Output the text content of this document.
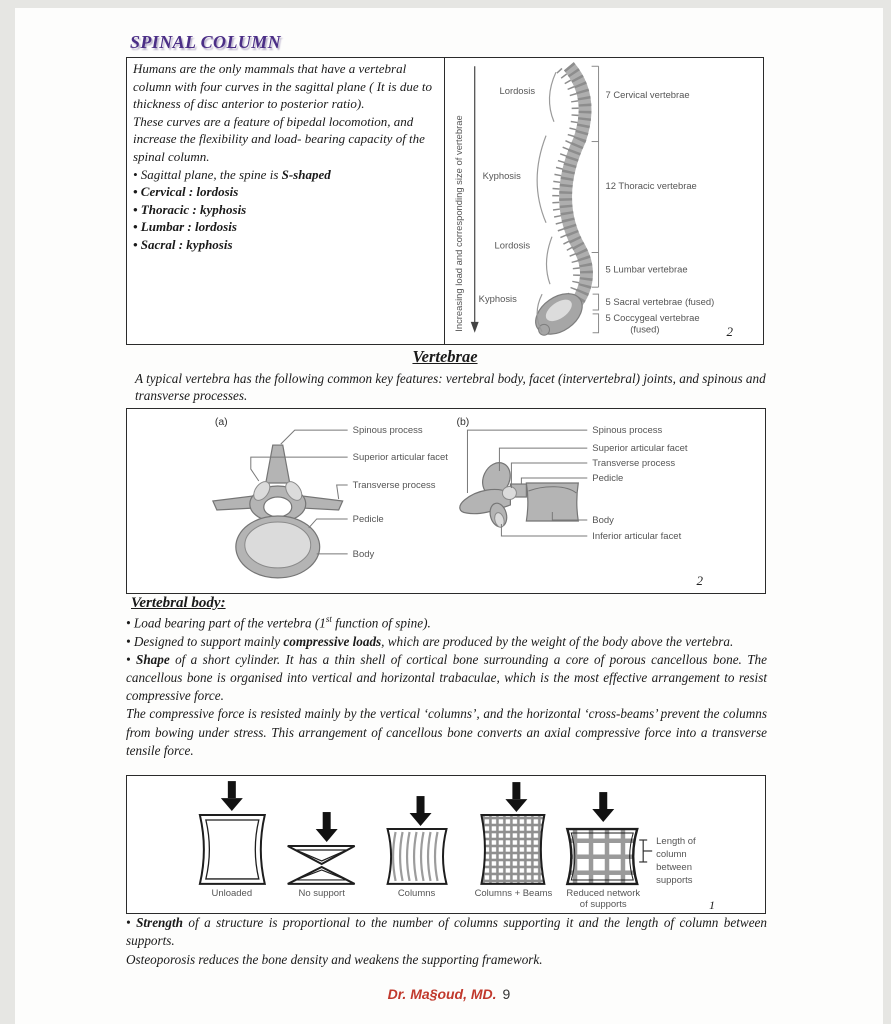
SPINAL COLUMN

Humans are the only mammals that have a vertebral column with four curves in the sagittal plane ( It is due to thickness of disc anterior to posterior ratio).

These curves are a feature of bipedal locomotion, and increase the flexibility and load- bearing capacity of the spinal column.

• Sagittal plane, the spine is S-shaped

• Cervical : lordosis
• Thoracic : kyphosis
• Lumbar : lordosis
• Sacral : kyphosis	Increasing load and corresponding size of vertebrae
Lordosis
Kyphosis
Lordosis
Kyphosis
7 Cervical vertebrae
12 Thoracic vertebrae
5 Lumbar vertebrae
5 Sacral vertebrae (fused)
5 Coccygeal vertebrae
(fused)	2
Vertebrae
A typical vertebra has the following common key features: vertebral body, facet (intervertebral) joints, and spinous and transverse processes.
(a)	(b)
Spinous process
Superior articular facet
Transverse process
Pedicle
Body
Spinous process
Superior articular facet
Transverse process
Pedicle
Body
Inferior articular facet
2
Vertebral body:

• Load bearing part of the vertebra (1st function of spine).

• Designed to support mainly compressive loads, which are produced by the weight of the body above the vertebra.

• Shape of a short cylinder. It has a thin shell of cortical bone surrounding a core of porous cancellous bone. The cancellous bone is organised into vertical and horizontal trabaculae, which is the most effective arrangement to resist compressive force.

The compressive force is resisted mainly by the vertical ‘columns’, and the horizontal ‘cross-beams’ prevent the columns from bowing under stress. This arrangement of cancellous bone converts an axial compressive force into a transverse tensile force.

Length of
column
between
supports
Unloaded	No support	Columns	Columns + Beams Reduced network
of supports	1

• Strength of a structure is proportional to the number of columns supporting it and the length of column between supports.

Osteoporosis reduces the bone density and weakens the supporting framework.

Dr. Ma§oud, MD. 9
